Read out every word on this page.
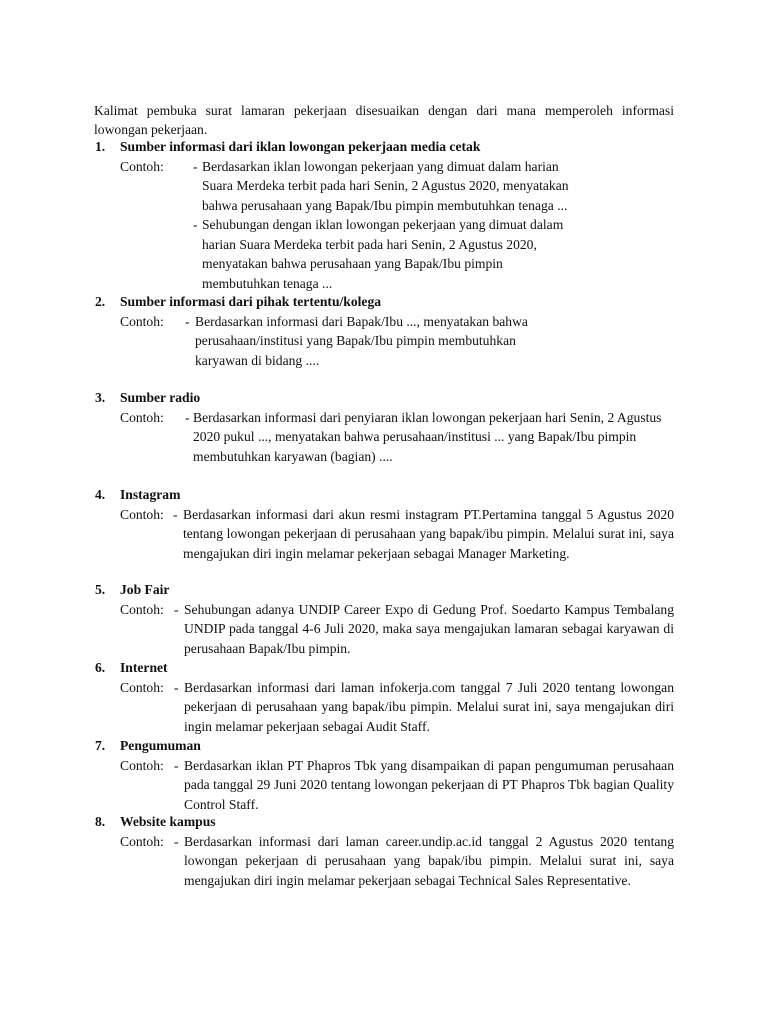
Kalimat pembuka surat lamaran pekerjaan disesuaikan dengan dari mana memperoleh informasi lowongan pekerjaan.

1. Sumber informasi dari iklan lowongan pekerjaan media cetak
Contoh: - Berdasarkan iklan lowongan pekerjaan yang dimuat dalam harian Suara Merdeka terbit pada hari Senin, 2 Agustus 2020, menyatakan bahwa perusahaan yang Bapak/Ibu pimpin membutuhkan tenaga ...
- Sehubungan dengan iklan lowongan pekerjaan yang dimuat dalam harian Suara Merdeka terbit pada hari Senin, 2 Agustus 2020, menyatakan bahwa perusahaan yang Bapak/Ibu pimpin membutuhkan tenaga ...
2. Sumber informasi dari pihak tertentu/kolega
Contoh: - Berdasarkan informasi dari Bapak/Ibu ..., menyatakan bahwa perusahaan/institusi yang Bapak/Ibu pimpin membutuhkan karyawan di bidang ....
3. Sumber radio
Contoh: - Berdasarkan informasi dari penyiaran iklan lowongan pekerjaan hari Senin, 2 Agustus 2020 pukul ..., menyatakan bahwa perusahaan/institusi ... yang Bapak/Ibu pimpin membutuhkan karyawan (bagian) ....
4. Instagram
Contoh: - Berdasarkan informasi dari akun resmi instagram PT.Pertamina tanggal 5 Agustus 2020 tentang lowongan pekerjaan di perusahaan yang bapak/ibu pimpin. Melalui surat ini, saya mengajukan diri ingin melamar pekerjaan sebagai Manager Marketing.
5. Job Fair
Contoh: - Sehubungan adanya UNDIP Career Expo di Gedung Prof. Soedarto Kampus Tembalang UNDIP pada tanggal 4-6 Juli 2020, maka saya mengajukan lamaran sebagai karyawan di perusahaan Bapak/Ibu pimpin.
6. Internet
Contoh: - Berdasarkan informasi dari laman infokerja.com tanggal 7 Juli 2020 tentang lowongan pekerjaan di perusahaan yang bapak/ibu pimpin. Melalui surat ini, saya mengajukan diri ingin melamar pekerjaan sebagai Audit Staff.
7. Pengumuman
Contoh: - Berdasarkan iklan PT Phapros Tbk yang disampaikan di papan pengumuman perusahaan pada tanggal 29 Juni 2020 tentang lowongan pekerjaan di PT Phapros Tbk bagian Quality Control Staff.
8. Website kampus
Contoh: - Berdasarkan informasi dari laman career.undip.ac.id tanggal 2 Agustus 2020 tentang lowongan pekerjaan di perusahaan yang bapak/ibu pimpin. Melalui surat ini, saya mengajukan diri ingin melamar pekerjaan sebagai Technical Sales Representative.
